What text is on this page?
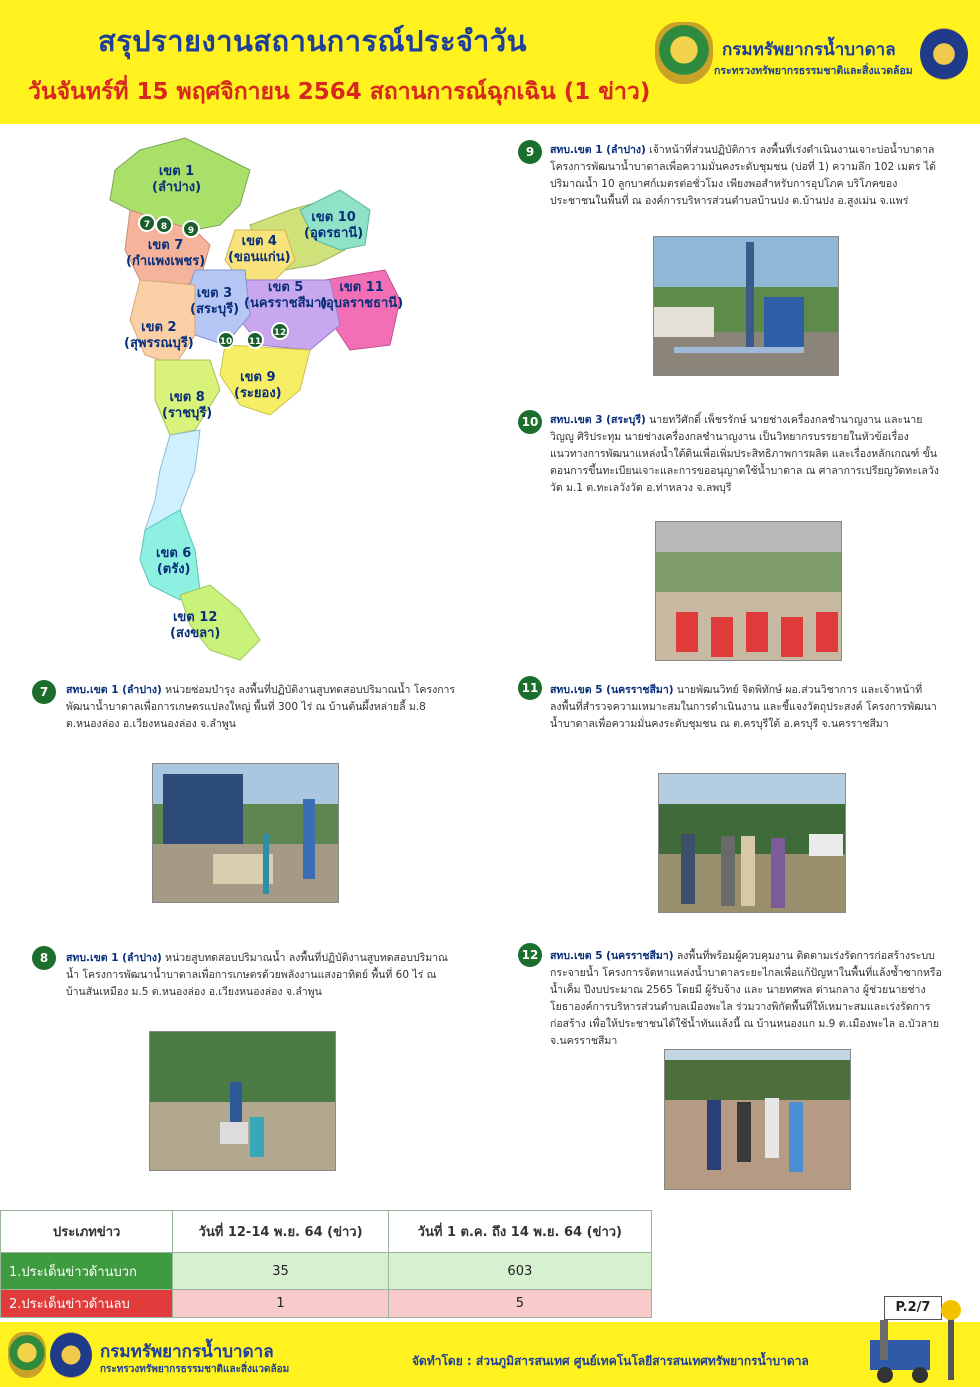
สรุปรายงานสถานการณ์ประจำวัน
วันจันทร์ที่ 15 พฤศจิกายน 2564 สถานการณ์ฉุกเฉิน (1 ข่าว)
กรมทรัพยากรน้ำบาดาล
กระทรวงทรัพยากรธรรมชาติและสิ่งแวดล้อม
เขต 1
(ลำปาง)
เขต 10
(อุดรธานี)
เขต 7
(กำแพงเพชร)
เขต 4
(ขอนแก่น)
เขต 3
(สระบุรี)
เขต 5
(นครราชสีมา)
เขต 11
(อุบลราชธานี)
เขต 2
(สุพรรณบุรี)
เขต 9
(ระยอง)
เขต 8
(ราชบุรี)
เขต 6
(ตรัง)
เขต 12
(สงขลา)
7	8	9
10	11
12
9	สทบ.เขต 1 (ลำปาง) เจ้าหน้าที่ส่วนปฏิบัติการ ลงพื้นที่เร่งดำเนินงานเจาะบ่อน้ำบาดาล โครงการพัฒนาน้ำบาดาลเพื่อความมั่นคงระดับชุมชน (บ่อที่ 1) ความลึก 102 เมตร ได้ปริมาณน้ำ 10 ลูกบาศก์เมตรต่อชั่วโมง เพียงพอสำหรับการอุปโภค บริโภคของประชาชนในพื้นที่ ณ องค์การบริหารส่วนตำบลบ้านปง ต.บ้านปง อ.สูงเม่น จ.แพร่
10	สทบ.เขต 3 (สระบุรี) นายทวีศักดิ์ เพ็ชรรักษ์ นายช่างเครื่องกลชำนาญงาน และนายวิญญู ศิริประทุม นายช่างเครื่องกลชำนาญงาน เป็นวิทยากรบรรยายในหัวข้อเรื่องแนวทางการพัฒนาแหล่งน้ำใต้ดินเพื่อเพิ่มประสิทธิภาพการผลิต และเรื่องหลักเกณฑ์ ขั้นตอนการขึ้นทะเบียนเจาะและการขออนุญาตใช้น้ำบาดาล ณ ศาลาการเปรียญวัดทะเลวังวัด ม.1 ต.ทะเลวังวัด อ.ท่าหลวง จ.ลพบุรี
7	สทบ.เขต 1 (ลำปาง) หน่วยซ่อมบำรุง ลงพื้นที่ปฏิบัติงานสูบทดสอบปริมาณน้ำ โครงการพัฒนาน้ำบาดาลเพื่อการเกษตรแปลงใหญ่ พื้นที่ 300 ไร่ ณ บ้านต้นผึ้งหล่ายลี้ ม.8 ต.หนองล่อง อ.เวียงหนองล่อง จ.ลำพูน
11	สทบ.เขต 5 (นครราชสีมา) นายพัฒนวิทย์ จิตพิทักษ์ ผอ.ส่วนวิชาการ และเจ้าหน้าที่ลงพื้นที่สำรวจความเหมาะสมในการดำเนินงาน และชี้แจงวัตถุประสงค์ โครงการพัฒนาน้ำบาดาลเพื่อความมั่นคงระดับชุมชน ณ ต.ครบุรีใต้ อ.ครบุรี จ.นครราชสีมา
8	สทบ.เขต 1 (ลำปาง) หน่วยสูบทดสอบปริมาณน้ำ ลงพื้นที่ปฏิบัติงานสูบทดสอบปริมาณน้ำ โครงการพัฒนาน้ำบาดาลเพื่อการเกษตรด้วยพลังงานแสงอาทิตย์ พื้นที่ 60 ไร่ ณ บ้านสันเหมือง ม.5 ต.หนองล่อง อ.เวียงหนองล่อง จ.ลำพูน
12	สทบ.เขต 5 (นครราชสีมา) ลงพื้นที่พร้อมผู้ควบคุมงาน ติดตามเร่งรัดการก่อสร้างระบบกระจายน้ำ โครงการจัดหาแหล่งน้ำบาดาลระยะไกลเพื่อแก้ปัญหาในพื้นที่แล้งซ้ำซากหรือน้ำเค็ม ปีงบประมาณ 2565 โดยมี ผู้รับจ้าง และ นายทศพล ด่านกลาง ผู้ช่วยนายช่างโยธาองค์การบริหารส่วนตำบลเมืองพะไล ร่วมวางพิกัดพื้นที่ให้เหมาะสมและเร่งรัดการก่อสร้าง เพื่อให้ประชาชนได้ใช้น้ำทันแล้งนี้ ณ บ้านหนองแก ม.9 ต.เมืองพะไล อ.บัวลาย จ.นครราชสีมา
ประเภทข่าว	วันที่ 12-14 พ.ย. 64 (ข่าว)	วันที่ 1 ต.ค. ถึง 14 พ.ย. 64 (ข่าว)
1.ประเด็นข่าวด้านบวก	35	603
2.ประเด็นข่าวด้านลบ	1	5	P.2/7
กรมทรัพยากรน้ำบาดาล
กระทรวงทรัพยากรธรรมชาติและสิ่งแวดล้อม
จัดทำโดย : ส่วนภูมิสารสนเทศ ศูนย์เทคโนโลยีสารสนเทศทรัพยากรน้ำบาดาล
